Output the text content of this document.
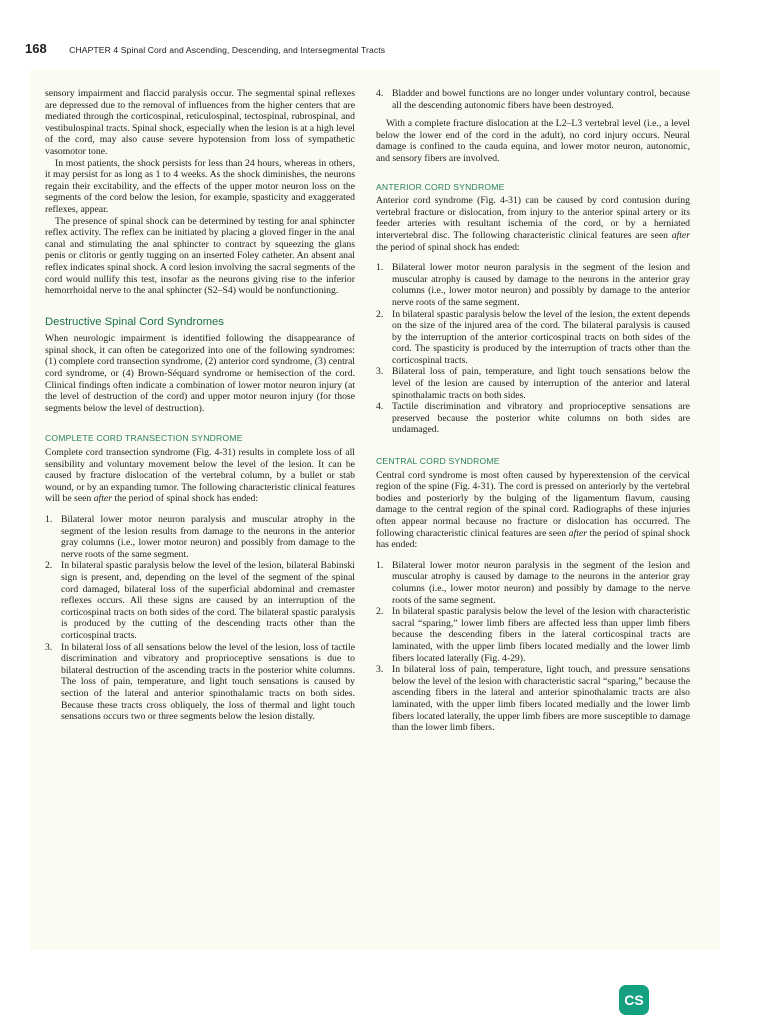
168	CHAPTER 4 Spinal Cord and Ascending, Descending, and Intersegmental Tracts

sensory impairment and flaccid paralysis occur. The segmental spinal reflexes are depressed due to the removal of influences from the higher centers that are mediated through the corticospinal, reticulospinal, tectospinal, rubrospinal, and vestibulospinal tracts. Spinal shock, especially when the lesion is at a high level of the cord, may also cause severe hypotension from loss of sympathetic vasomotor tone.

In most patients, the shock persists for less than 24 hours, whereas in others, it may persist for as long as 1 to 4 weeks. As the shock diminishes, the neurons regain their excitability, and the effects of the upper motor neuron loss on the segments of the cord below the lesion, for example, spasticity and exaggerated reflexes, appear.

The presence of spinal shock can be determined by testing for anal sphincter reflex activity. The reflex can be initiated by placing a gloved finger in the anal canal and stimulating the anal sphincter to contract by squeezing the glans penis or clitoris or gently tugging on an inserted Foley catheter. An absent anal reflex indicates spinal shock. A cord lesion involving the sacral segments of the cord would nullify this test, insofar as the neurons giving rise to the inferior hemorrhoidal nerve to the anal sphincter (S2–S4) would be nonfunctioning.

Destructive Spinal Cord Syndromes

When neurologic impairment is identified following the disappearance of spinal shock, it can often be categorized into one of the following syndromes: (1) complete cord transection syndrome, (2) anterior cord syndrome, (3) central cord syndrome, or (4) Brown-Séquard syndrome or hemisection of the cord. Clinical findings often indicate a combination of lower motor neuron injury (at the level of destruction of the cord) and upper motor neuron injury (for those segments below the level of destruction).

COMPLETE CORD TRANSECTION SYNDROME

Complete cord transection syndrome (Fig. 4-31) results in complete loss of all sensibility and voluntary movement below the level of the lesion. It can be caused by fracture dislocation of the vertebral column, by a bullet or stab wound, or by an expanding tumor. The following characteristic clinical features will be seen after the period of spinal shock has ended:

1. Bilateral lower motor neuron paralysis and muscular atrophy in the segment of the lesion results from damage to the neurons in the anterior gray columns (i.e., lower motor neuron) and possibly from damage to the nerve roots of the same segment.
2. In bilateral spastic paralysis below the level of the lesion, bilateral Babinski sign is present, and, depending on the level of the segment of the spinal cord damaged, bilateral loss of the superficial abdominal and cremaster reflexes occurs. All these signs are caused by an interruption of the corticospinal tracts on both sides of the cord. The bilateral spastic paralysis is produced by the cutting of the descending tracts other than the corticospinal tracts.
3. In bilateral loss of all sensations below the level of the lesion, loss of tactile discrimination and vibratory and proprioceptive sensations is due to bilateral destruction of the ascending tracts in the posterior white columns. The loss of pain, temperature, and light touch sensations is caused by section of the lateral and anterior spinothalamic tracts on both sides. Because these tracts cross obliquely, the loss of thermal and light touch sensations occurs two or three segments below the lesion distally.
4. Bladder and bowel functions are no longer under voluntary control, because all the descending autonomic fibers have been destroyed.

With a complete fracture dislocation at the L2–L3 vertebral level (i.e., a level below the lower end of the cord in the adult), no cord injury occurs. Neural damage is confined to the cauda equina, and lower motor neuron, autonomic, and sensory fibers are involved.

ANTERIOR CORD SYNDROME

Anterior cord syndrome (Fig. 4-31) can be caused by cord contusion during vertebral fracture or dislocation, from injury to the anterior spinal artery or its feeder arteries with resultant ischemia of the cord, or by a herniated intervertebral disc. The following characteristic clinical features are seen after the period of spinal shock has ended:

1. Bilateral lower motor neuron paralysis in the segment of the lesion and muscular atrophy is caused by damage to the neurons in the anterior gray columns (i.e., lower motor neuron) and possibly by damage to the anterior nerve roots of the same segment.
2. In bilateral spastic paralysis below the level of the lesion, the extent depends on the size of the injured area of the cord. The bilateral paralysis is caused by the interruption of the anterior corticospinal tracts on both sides of the cord. The spasticity is produced by the interruption of tracts other than the corticospinal tracts.
3. Bilateral loss of pain, temperature, and light touch sensations below the level of the lesion are caused by interruption of the anterior and lateral spinothalamic tracts on both sides.
4. Tactile discrimination and vibratory and proprioceptive sensations are preserved because the posterior white columns on both sides are undamaged.
CENTRAL CORD SYNDROME

Central cord syndrome is most often caused by hyperextension of the cervical region of the spine (Fig. 4-31). The cord is pressed on anteriorly by the vertebral bodies and posteriorly by the bulging of the ligamentum flavum, causing damage to the central region of the spinal cord. Radiographs of these injuries often appear normal because no fracture or dislocation has occurred. The following characteristic clinical features are seen after the period of spinal shock has ended:

1. Bilateral lower motor neuron paralysis in the segment of the lesion and muscular atrophy is caused by damage to the neurons in the anterior gray columns (i.e., lower motor neuron) and possibly by damage to the nerve roots of the same segment.
2. In bilateral spastic paralysis below the level of the lesion with characteristic sacral “sparing,” lower limb fibers are affected less than upper limb fibers because the descending fibers in the lateral corticospinal tracts are laminated, with the upper limb fibers located medially and the lower limb fibers located laterally (Fig. 4-29).
3. In bilateral loss of pain, temperature, light touch, and pressure sensations below the level of the lesion with characteristic sacral “sparing,” because the ascending fibers in the lateral and anterior spinothalamic tracts are also laminated, with the upper limb fibers located medially and the lower limb fibers located laterally, the upper limb fibers are more susceptible to damage than the lower limb fibers.
CS
